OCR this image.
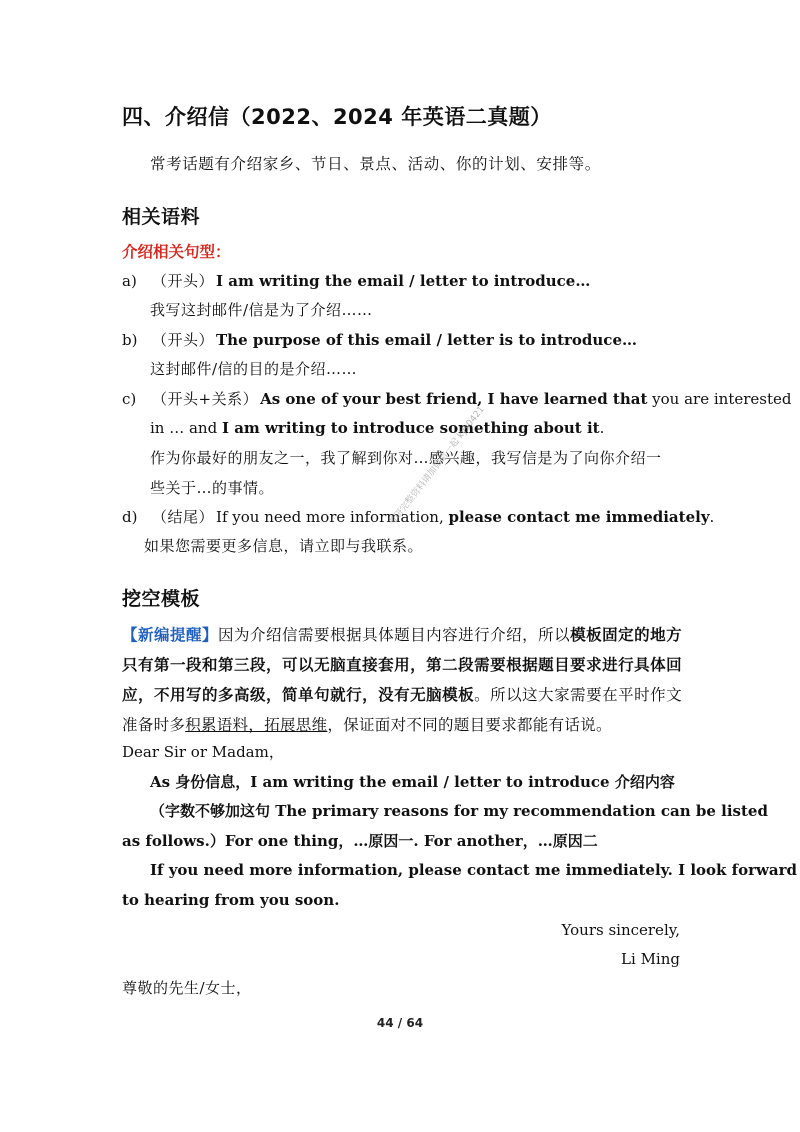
四、介绍信（2022、2024 年英语二真题）
常考话题有介绍家乡、节日、景点、活动、你的计划、安排等。
相关语料
介绍相关句型：
a) （开头） I am writing the email / letter to introduce…
我写这封邮件/信是为了介绍……
b) （开头） The purpose of this email / letter is to introduce…
这封邮件/信的目的是介绍……
c) （开头+关系） As one of your best friend, I have learned that you are interested
in … and I am writing to introduce something about it.
作为你最好的朋友之一，我了解到你对…感兴趣，我写信是为了向你介绍一
些关于…的事情。
d) （结尾） If you need more information, please contact me immediately.
如果您需要更多信息，请立即与我联系。
挖空模板
【新编提醒】因为介绍信需要根据具体题目内容进行介绍，所以模板固定的地方只有第一段和第三段，可以无脑直接套用，第二段需要根据题目要求进行具体回应，不用写的多高级，简单句就行，没有无脑模板。所以这大家需要在平时作文准备时多积累语料，拓展思维，保证面对不同的题目要求都能有话说。
Dear Sir or Madam，
As 身份信息，I am writing the email / letter to introduce 介绍内容
（字数不够加这句 The primary reasons for my recommendation can be listed
as follows.）For one thing，…原因一. For another，…原因二
If you need more information, please contact me immediately. I look forward
to hearing from you soon.
Yours sincerely,
Li Ming
尊敬的先生/女士，
考研完整资料请加微信一起 kys0421
44 / 64
